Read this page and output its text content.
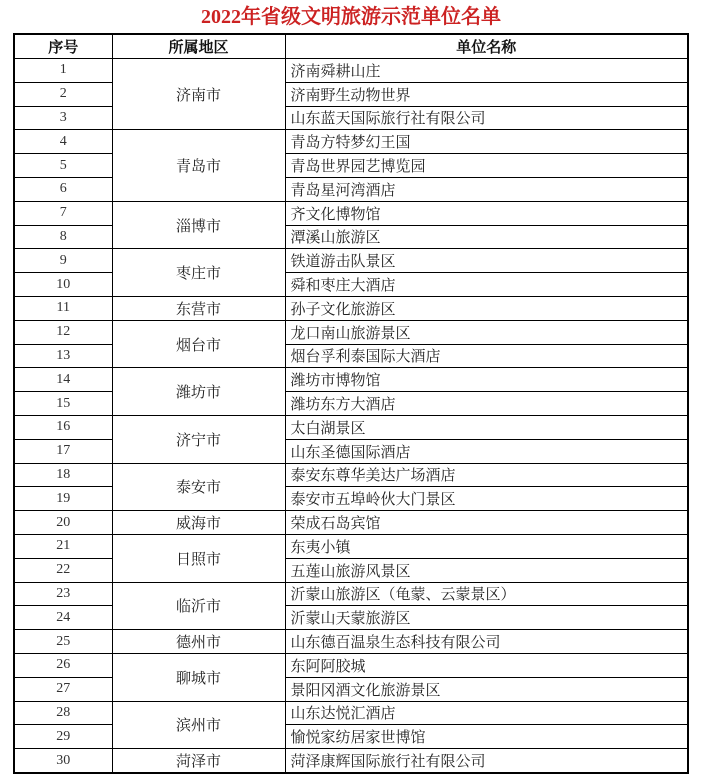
2022年省级文明旅游示范单位名单
序号	所属地区	单位名称
1	济南市	济南舜耕山庄
2		济南野生动物世界
3		山东蓝天国际旅行社有限公司
4	青岛市	青岛方特梦幻王国
5		青岛世界园艺博览园
6		青岛星河湾酒店
7	淄博市	齐文化博物馆
8		潭溪山旅游区
9	枣庄市	铁道游击队景区
10		舜和枣庄大酒店
11	东营市	孙子文化旅游区
12	烟台市	龙口南山旅游景区
13		烟台孚利泰国际大酒店
14	潍坊市	潍坊市博物馆
15		潍坊东方大酒店
16	济宁市	太白湖景区
17		山东圣德国际酒店
18	泰安市	泰安东尊华美达广场酒店
19		泰安市五埠岭伙大门景区
20	威海市	荣成石岛宾馆
21	日照市	东夷小镇
22		五莲山旅游风景区
23	临沂市	沂蒙山旅游区（龟蒙、云蒙景区）
24		沂蒙山天蒙旅游区
25	德州市	山东德百温泉生态科技有限公司
26	聊城市	东阿阿胶城
27		景阳冈酒文化旅游景区
28	滨州市	山东达悦汇酒店
29		愉悦家纺居家世博馆
30	菏泽市	菏泽康辉国际旅行社有限公司
